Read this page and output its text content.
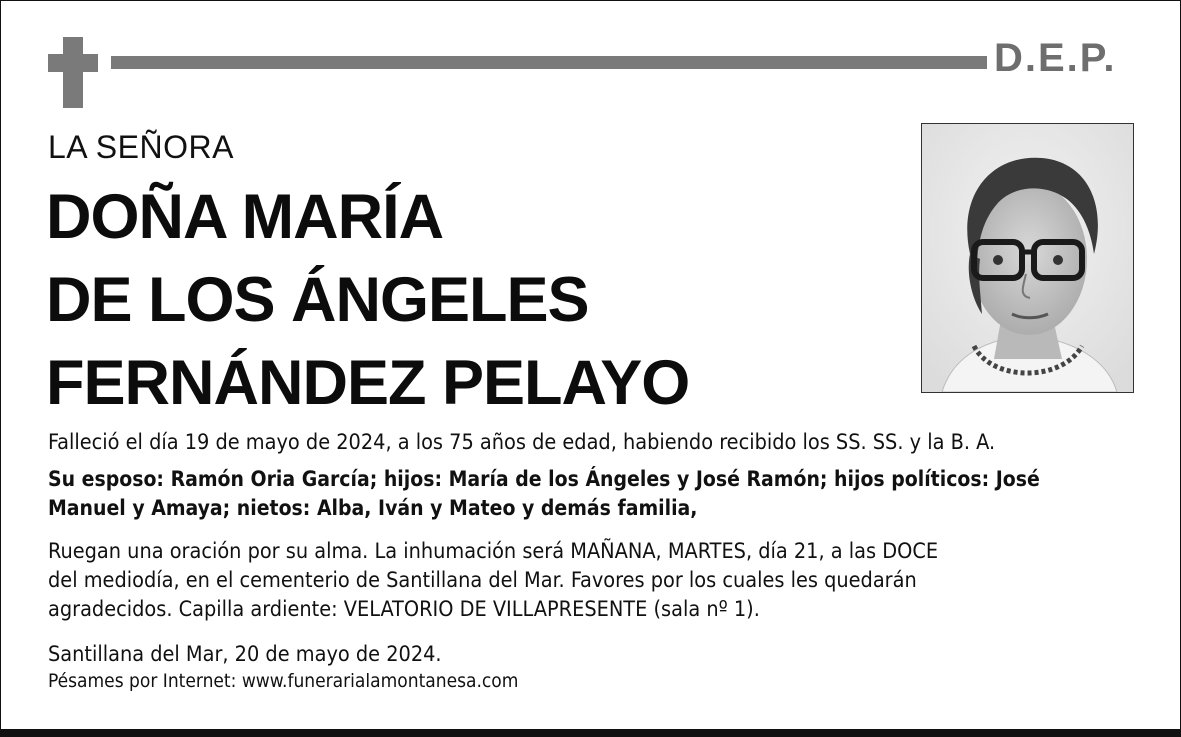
D.E.P.
LA SEÑORA
DOÑA MARÍA
DE LOS ÁNGELES
FERNÁNDEZ PELAYO
Falleció el día 19 de mayo de 2024, a los 75 años de edad, habiendo recibido los SS. SS. y la B. A.
Su esposo: Ramón Oria García; hijos: María de los Ángeles y José Ramón; hijos políticos: José
Manuel y Amaya; nietos: Alba, Iván y Mateo y demás familia,
Ruegan una oración por su alma. La inhumación será MAÑANA, MARTES, día 21, a las DOCE
del mediodía, en el cementerio de Santillana del Mar. Favores por los cuales les quedarán
agradecidos. Capilla ardiente: VELATORIO DE VILLAPRESENTE (sala nº 1).
Santillana del Mar, 20 de mayo de 2024.
Pésames por Internet: www.funerarialamontanesa.com
